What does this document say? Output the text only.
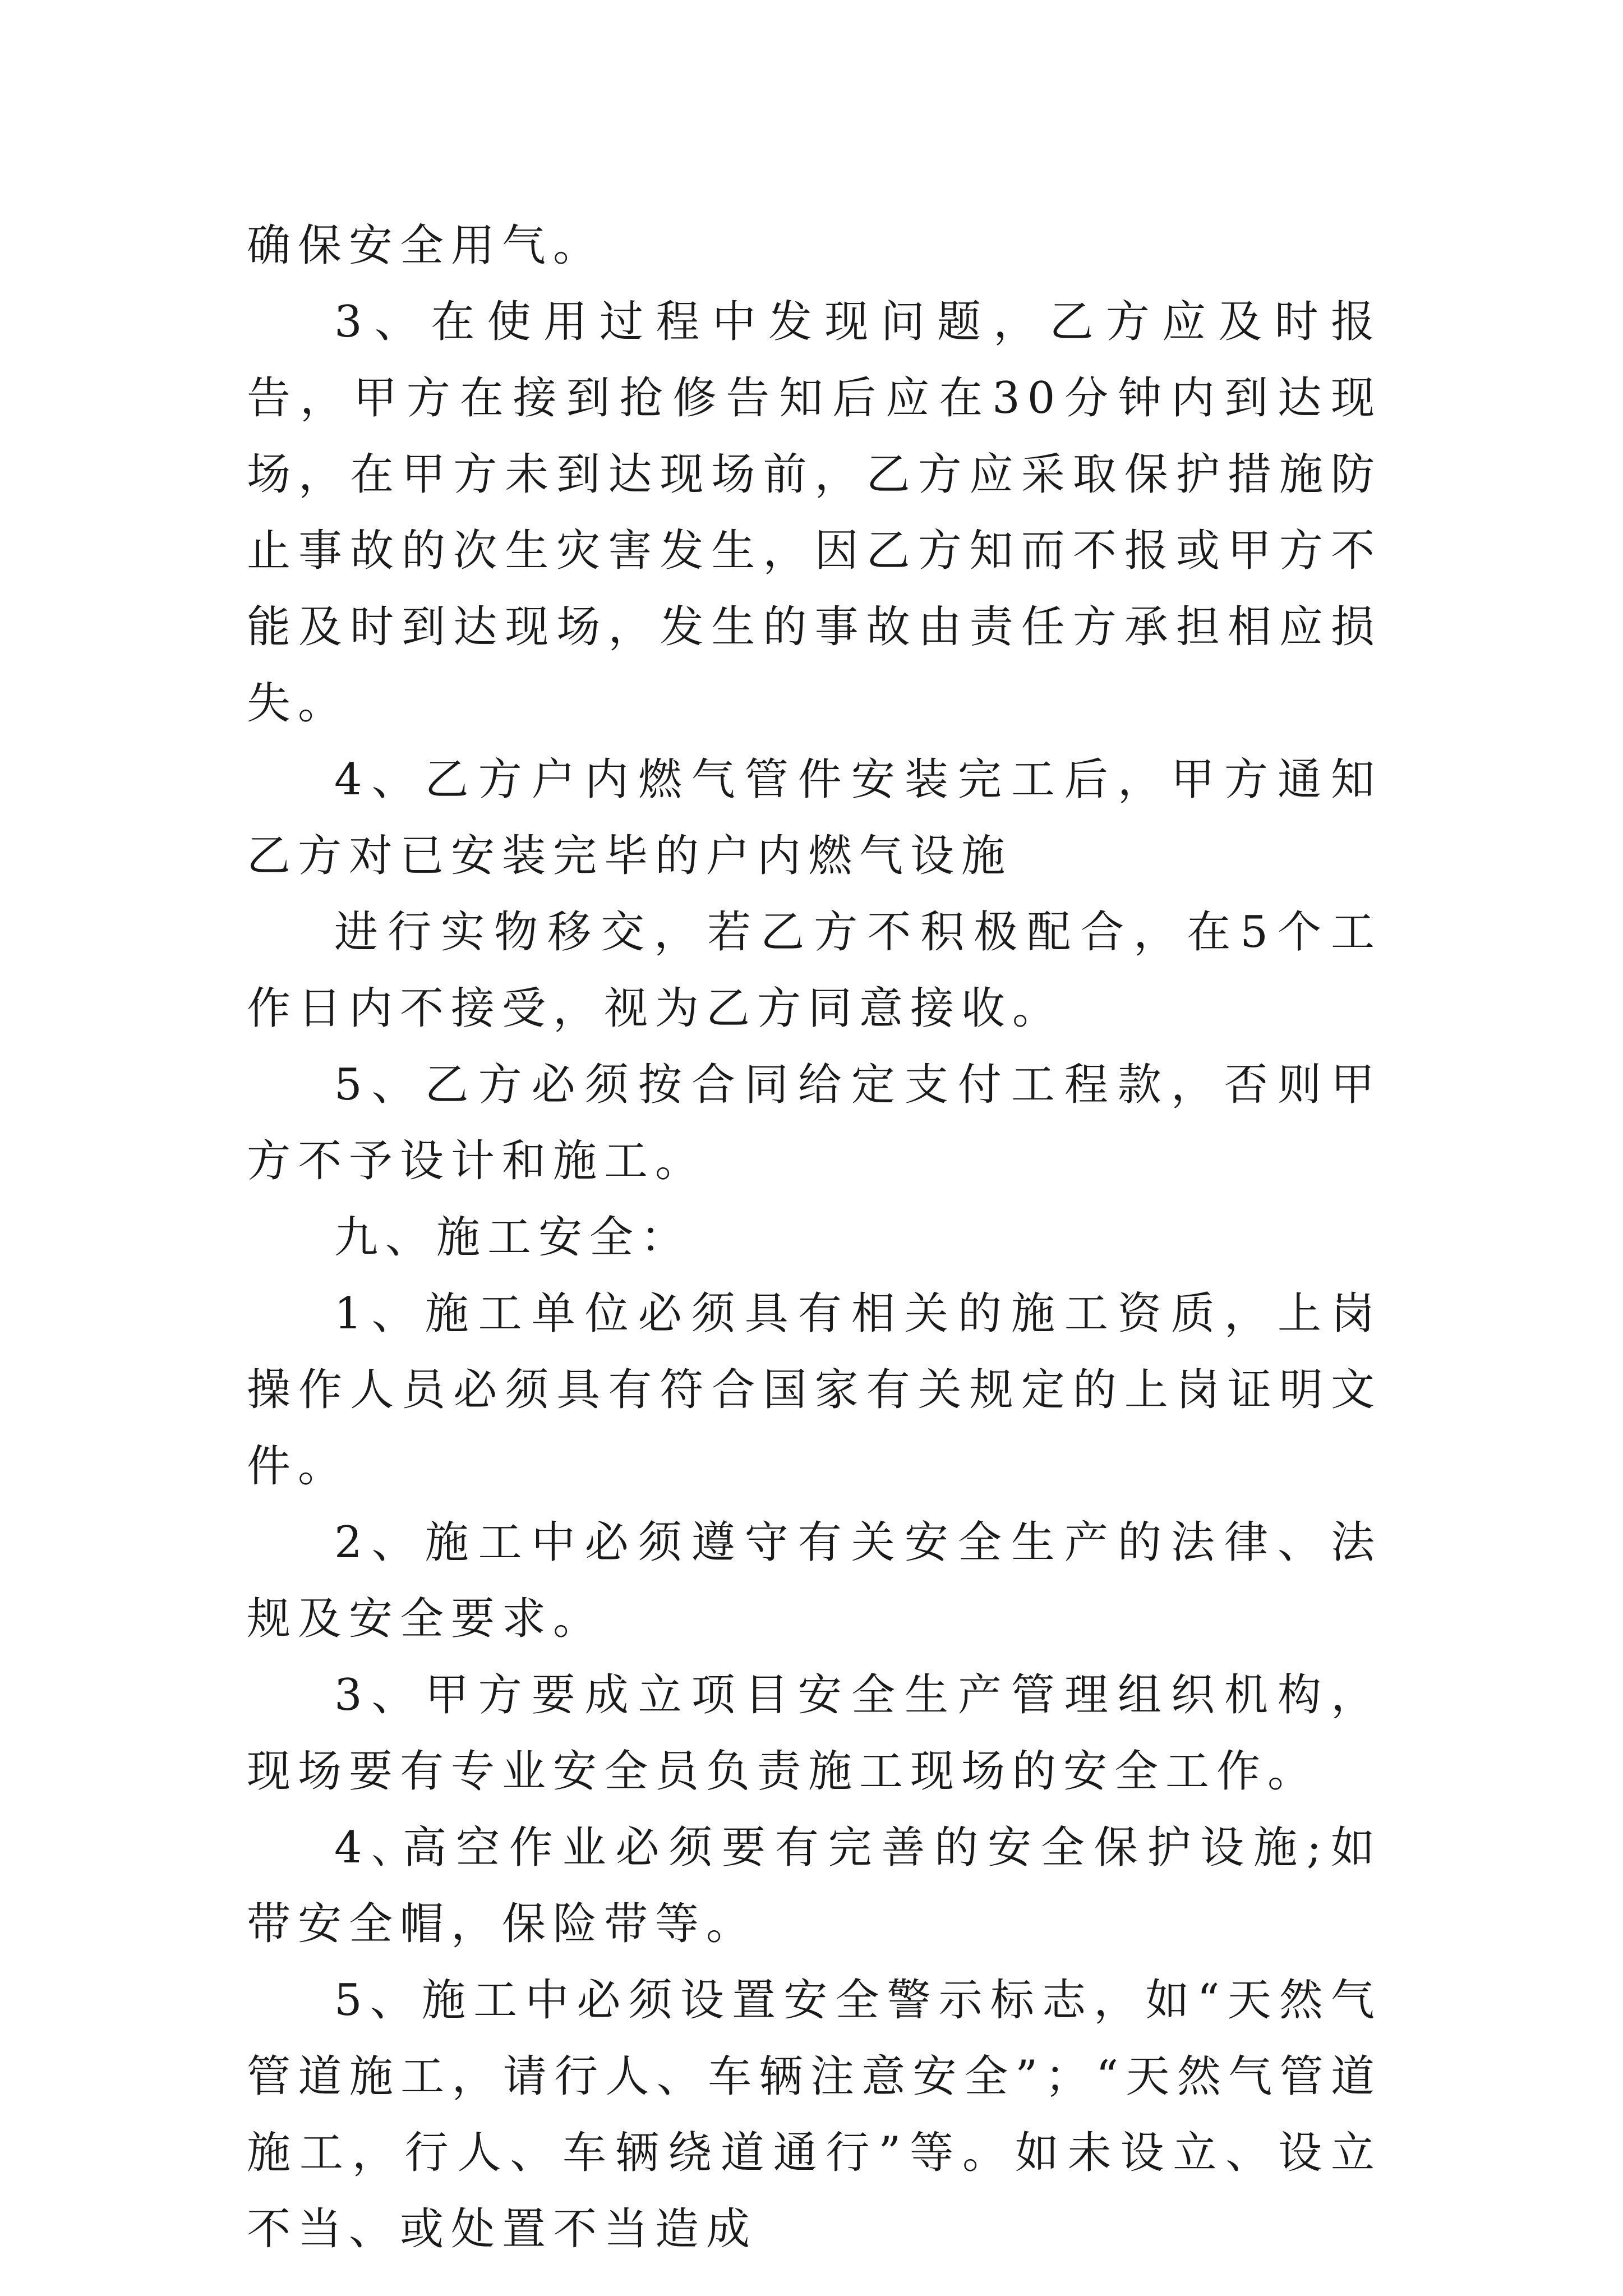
确保安全用气。

3、在使用过程中发现问题，乙方应及时报告，甲方在接到抢修告知后应在30分钟内到达现场，在甲方未到达现场前，乙方应采取保护措施防止事故的次生灾害发生，因乙方知而不报或甲方不能及时到达现场，发生的事故由责任方承担相应损失。

4、乙方户内燃气管件安装完工后，甲方通知乙方对已安装完毕的户内燃气设施

进行实物移交，若乙方不积极配合，在5个工作日内不接受，视为乙方同意接收。

5、乙方必须按合同给定支付工程款，否则甲方不予设计和施工。

九、施工安全：

1、施工单位必须具有相关的施工资质，上岗操作人员必须具有符合国家有关规定的上岗证明文件。

2、施工中必须遵守有关安全生产的法律、法规及安全要求。

3、甲方要成立项目安全生产管理组织机构，现场要有专业安全员负责施工现场的安全工作。

4､高空作业必须要有完善的安全保护设施;如带安全帽，保险带等。

5、施工中必须设置安全警示标志，如“天然气管道施工，请行人、车辆注意安全”；“天然气管道施工，行人、车辆绕道通行”等。如未设立、设立不当、或处置不当造成
